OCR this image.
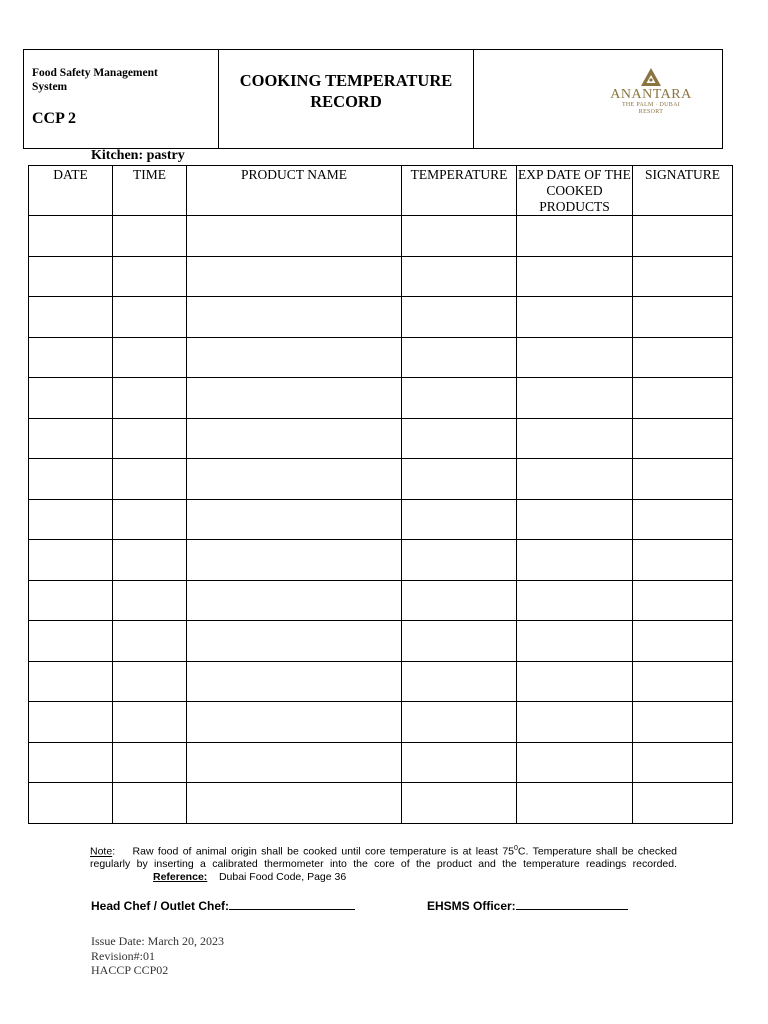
Food Safety Management System
CCP 2
COOKING TEMPERATURE
RECORD	ANANTARA
THE PALM · DUBAI
RESORT
Kitchen: pastry
DATE	TIME	PRODUCT NAME	TEMPERATURE	EXP DATE OF THE COOKED PRODUCTS	SIGNATURE

Note:    Raw food of animal origin shall be cooked until core temperature is at least $75^0C$. Temperature shall be checked regularly by inserting a calibrated thermometer into the core of the product and the temperature readings recorded. Reference: Dubai Food Code, Page 36
Head Chef / Outlet Chef:	EHSMS Officer:
Issue Date: March 20, 2023
Revision#:01
HACCP CCP02
